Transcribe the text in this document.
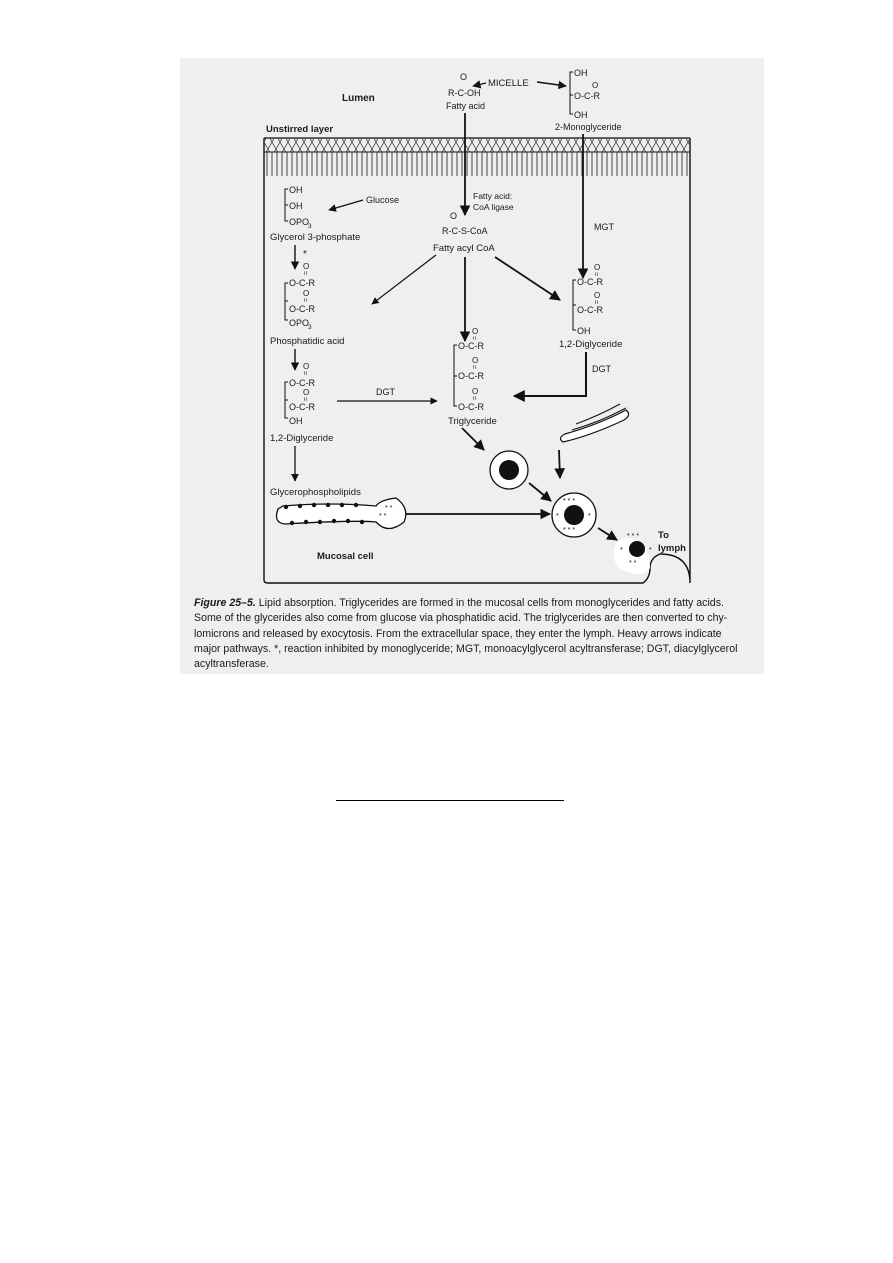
Lumen
Unstirred layer
O
R-C-OH
Fatty acid
MICELLE
OH
O
O-C-R
OH
2-Monoglyceride
Fatty acid:
CoA ligase
O
R-C-S-CoA
Fatty acyl CoA
OH
OH
OPO
3
Glucose
Glycerol 3-phosphate
*
O
=
O-C-R
O
=
O-C-R
OPO
3
Phosphatidic acid
O
=
O-C-R
O
=
O-C-R
OH
1,2-Diglyceride
DGT
Glycerophospholipids
* *
* *
MGT
O
=
O-C-R
O
=
O-C-R
O
=
O-C-R
Triglyceride
O
=
O-C-R
O
=
O-C-R
OH
1,2-Diglyceride
DGT
* * *
*	*
* * *
* * *
*	*
* *
To
lymph
Mucosal cell

Figure 25–5. Lipid absorption. Triglycerides are formed in the mucosal cells from monoglycerides and fatty acids.
Some of the glycerides also come from glucose via phosphatidic acid. The triglycerides are then converted to chy-
lomicrons and released by exocytosis. From the extracellular space, they enter the lymph. Heavy arrows indicate
major pathways. *, reaction inhibited by monoglyceride; MGT, monoacylglycerol acyltransferase; DGT, diacylglycerol
acyltransferase.
